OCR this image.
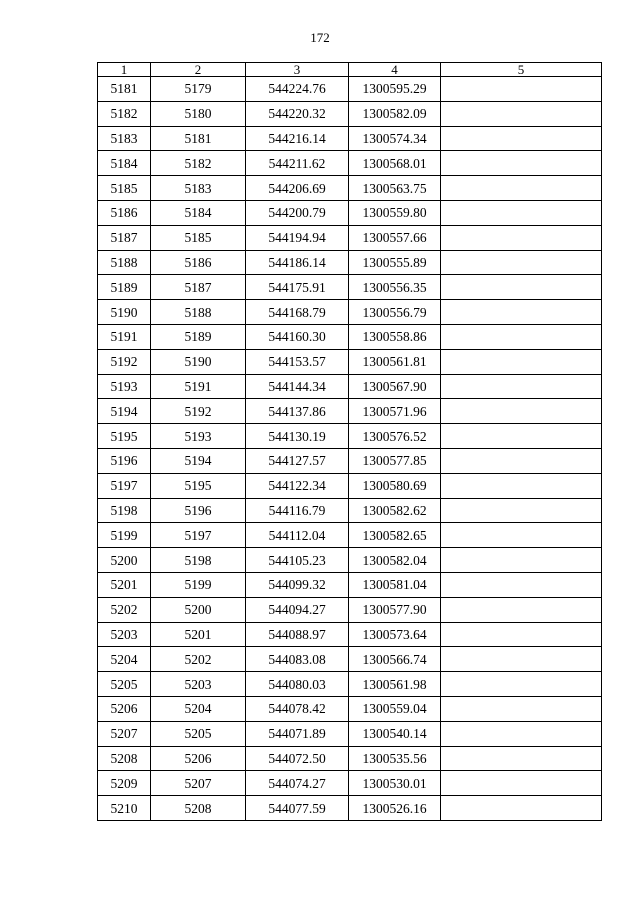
172
1	2	3	4	5
5181	5179	544224.76	1300595.29	
5182	5180	544220.32	1300582.09	
5183	5181	544216.14	1300574.34	
5184	5182	544211.62	1300568.01	
5185	5183	544206.69	1300563.75	
5186	5184	544200.79	1300559.80	
5187	5185	544194.94	1300557.66	
5188	5186	544186.14	1300555.89	
5189	5187	544175.91	1300556.35	
5190	5188	544168.79	1300556.79	
5191	5189	544160.30	1300558.86	
5192	5190	544153.57	1300561.81	
5193	5191	544144.34	1300567.90	
5194	5192	544137.86	1300571.96	
5195	5193	544130.19	1300576.52	
5196	5194	544127.57	1300577.85	
5197	5195	544122.34	1300580.69	
5198	5196	544116.79	1300582.62	
5199	5197	544112.04	1300582.65	
5200	5198	544105.23	1300582.04	
5201	5199	544099.32	1300581.04	
5202	5200	544094.27	1300577.90	
5203	5201	544088.97	1300573.64	
5204	5202	544083.08	1300566.74	
5205	5203	544080.03	1300561.98	
5206	5204	544078.42	1300559.04	
5207	5205	544071.89	1300540.14	
5208	5206	544072.50	1300535.56	
5209	5207	544074.27	1300530.01	
5210	5208	544077.59	1300526.16	
